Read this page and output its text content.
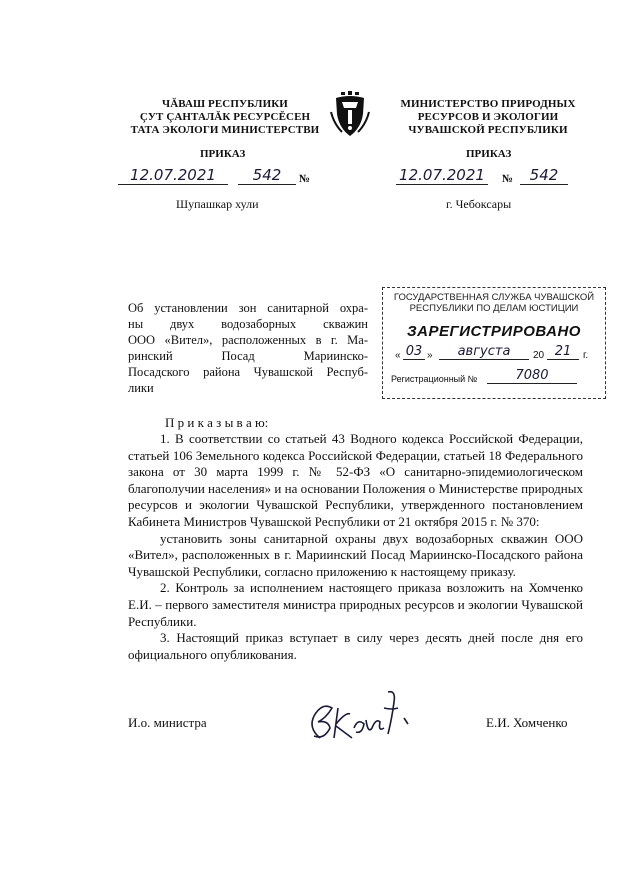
ЧĂВАШ РЕСПУБЛИКИ
ÇУТ ÇАНТАЛĂК РЕСУРСĔСЕН
ТАТА ЭКОЛОГИ МИНИСТЕРСТВИ
МИНИСТЕРСТВО ПРИРОДНЫХ
РЕСУРСОВ И ЭКОЛОГИИ
ЧУВАШСКОЙ РЕСПУБЛИКИ
ПРИКАЗ
12.07.2021	542	№
Шупашкар хули
ПРИКАЗ
12.07.2021 №	542
г. Чебоксары
Об установлении зон санитарной охра-
ны двух водозаборных скважин
ООО «Вител», расположенных в г. Ма-
ринский Посад Мариинско-
Посадского района Чувашской Респуб-
лики
ГОСУДАРСТВЕННАЯ СЛУЖБА ЧУВАШСКОЙ
РЕСПУБЛИКИ ПО ДЕЛАМ ЮСТИЦИИ
ЗАРЕГИСТРИРОВАНО
« 03 »	августа	20 21	г.
Регистрационный №	7080
П р и к а з ы в а ю:

1. В соответствии со статьей 43 Водного кодекса Российской Федерации, статьей 106 Земельного кодекса Российской Федерации, статьей 18 Федерального закона от 30 марта 1999 г. № 52-ФЗ «О санитарно-эпидемиологическом благополучии населения» и на основании Положения о Министерстве природных ресурсов и экологии Чувашской Республики, утвержденного постановлением Кабинета Министров Чувашской Республики от 21 октября 2015 г. № 370:

установить зоны санитарной охраны двух водозаборных скважин ООО «Вител», расположенных в г. Мариинский Посад Мариинско-Посадского района Чувашской Республики, согласно приложению к настоящему приказу.

2. Контроль за исполнением настоящего приказа возложить на Хомченко Е.И. – первого заместителя министра природных ресурсов и экологии Чувашской Республики.

3. Настоящий приказ вступает в силу через десять дней после дня его официального опубликования.

И.о. министра	Е.И. Хомченко
